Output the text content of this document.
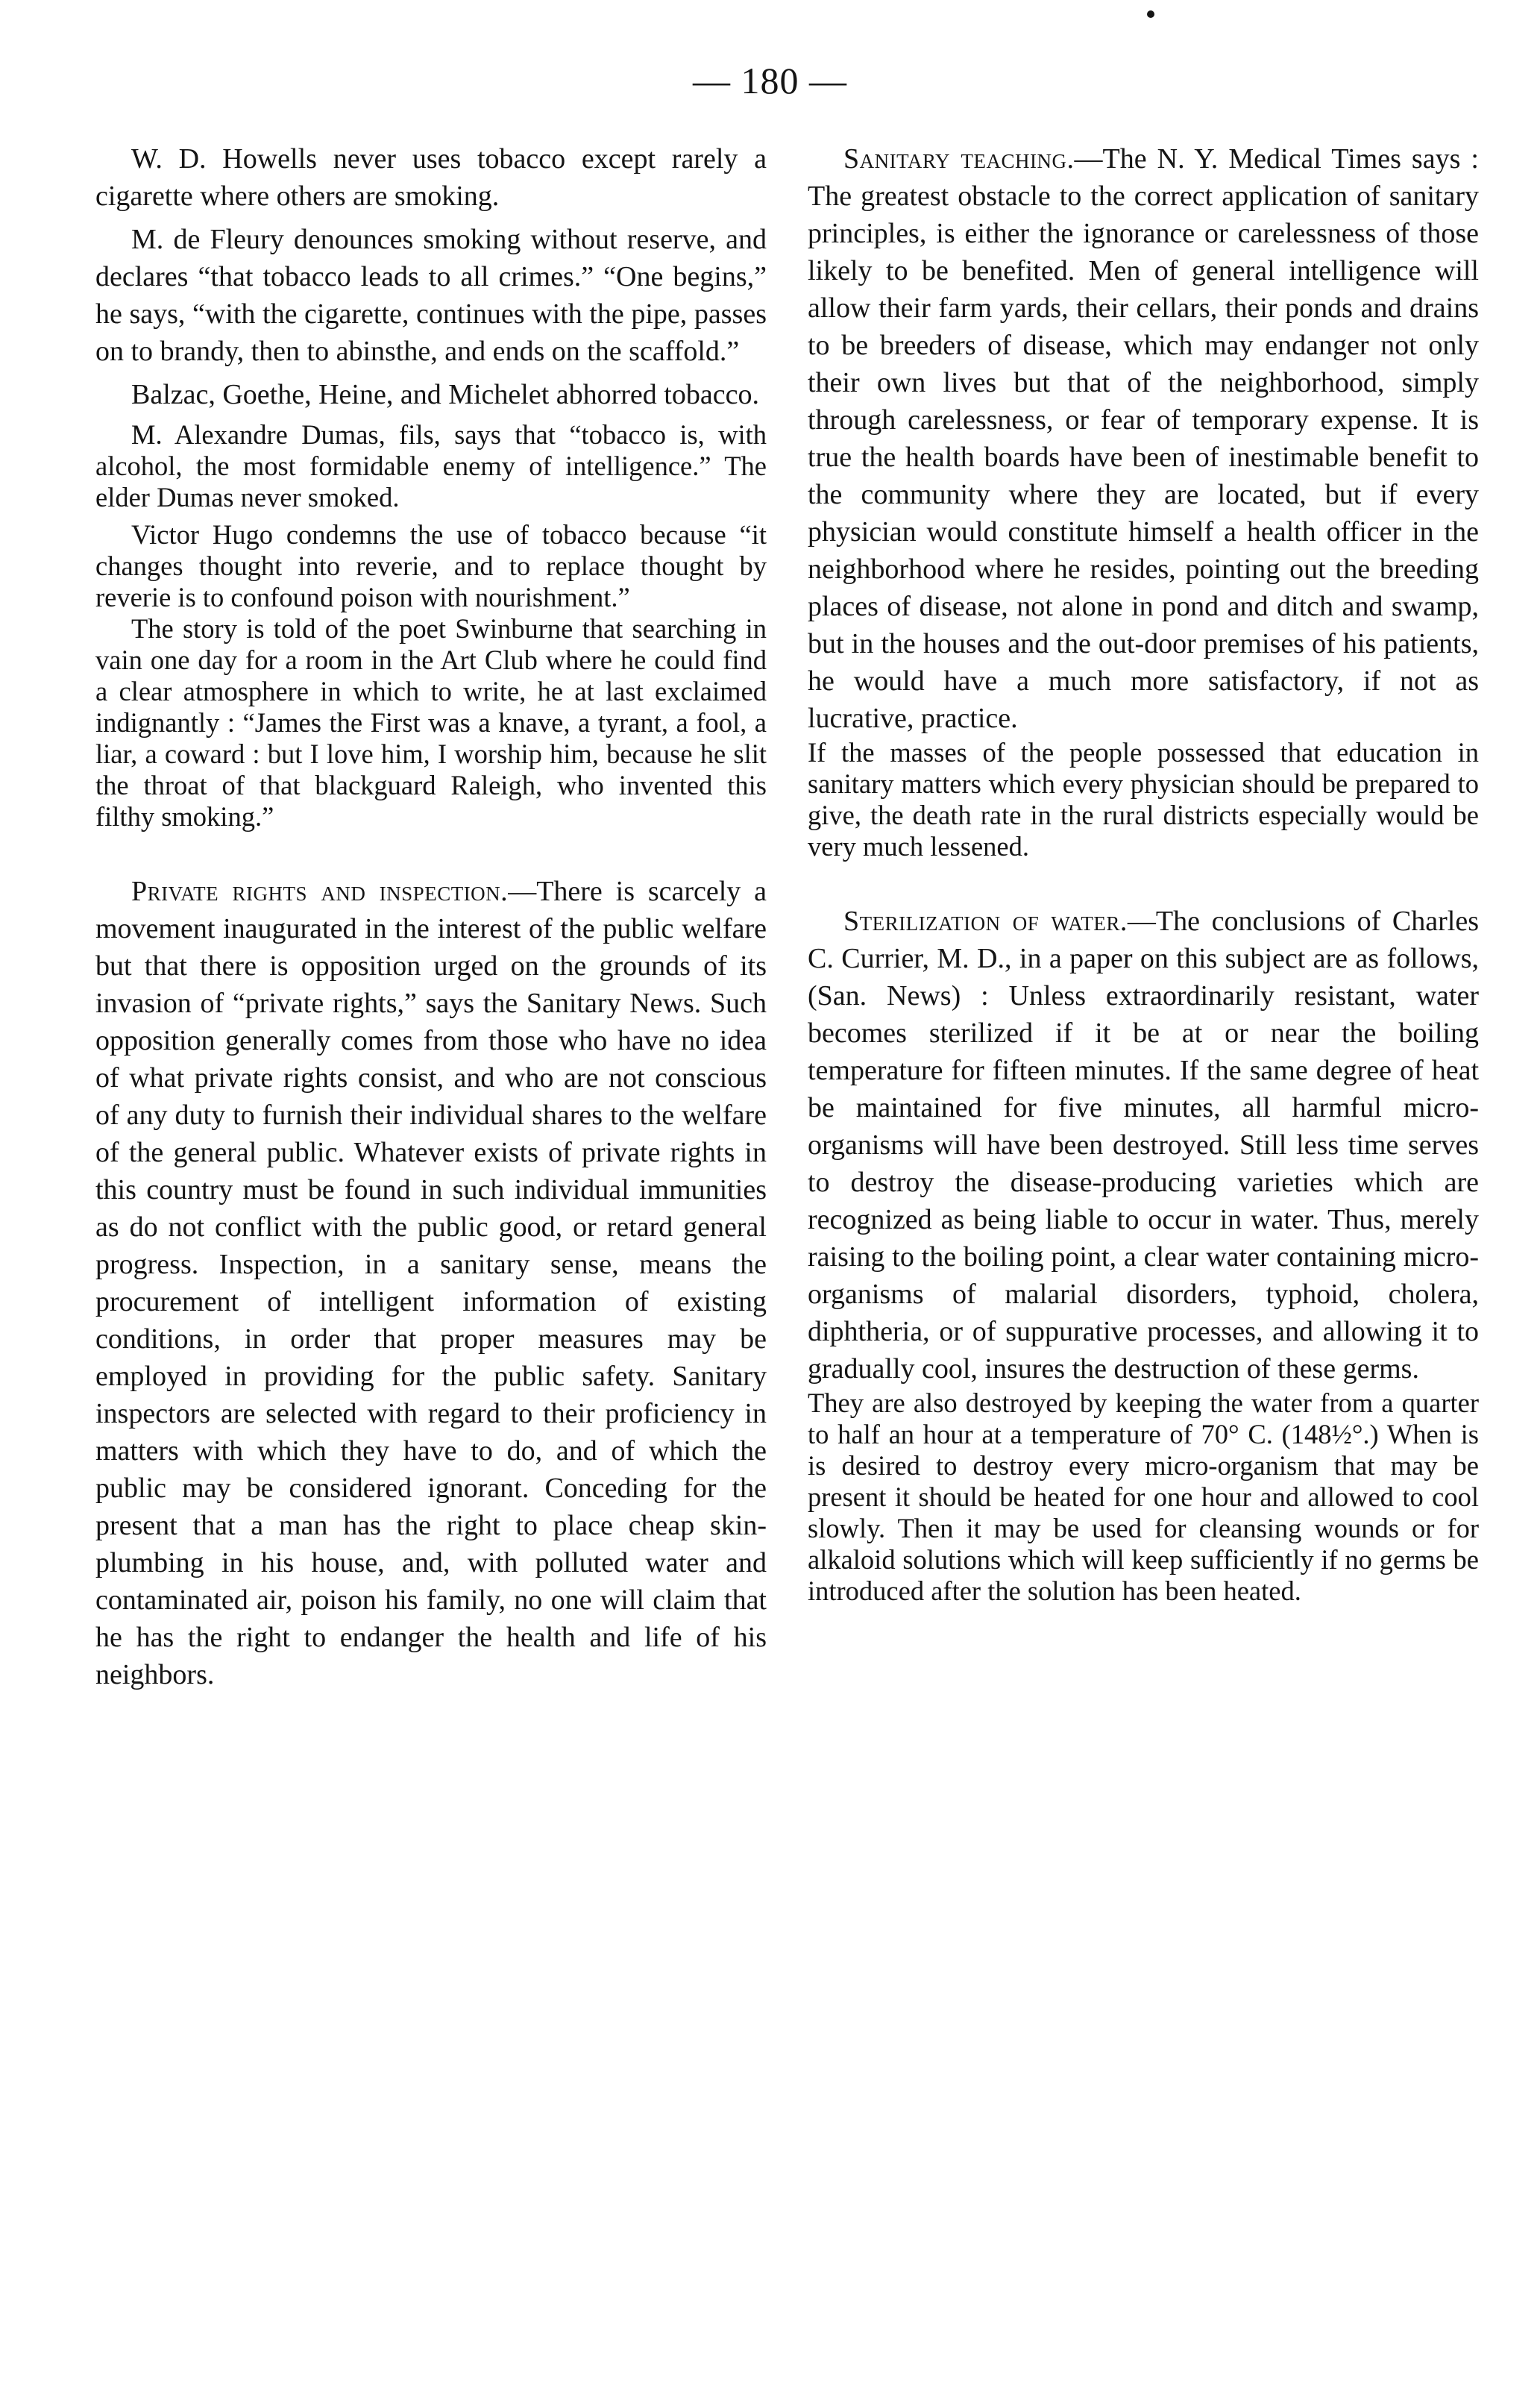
— 180 —

W. D. Howells never uses tobacco except rarely a cigarette where others are smoking.

M. de Fleury denounces smoking without reserve, and declares “that tobacco leads to all crimes.” “One begins,” he says, “with the cigarette, continues with the pipe, passes on to brandy, then to abinsthe, and ends on the scaffold.”

Balzac, Goethe, Heine, and Michelet abhorred tobacco.

M. Alexandre Dumas, fils, says that “tobacco is, with alcohol, the most formidable enemy of intelligence.” The elder Dumas never smoked.

Victor Hugo condemns the use of tobacco because “it changes thought into reverie, and to replace thought by reverie is to confound poison with nourishment.”

The story is told of the poet Swinburne that searching in vain one day for a room in the Art Club where he could find a clear atmosphere in which to write, he at last exclaimed indignantly : “James the First was a knave, a tyrant, a fool, a liar, a coward : but I love him, I worship him, because he slit the throat of that blackguard Raleigh, who invented this filthy smoking.”

Private rights and inspection.—There is scarcely a movement inaugurated in the interest of the public welfare but that there is opposition urged on the grounds of its invasion of “private rights,” says the Sanitary News. Such opposition generally comes from those who have no idea of what private rights consist, and who are not conscious of any duty to furnish their individual shares to the welfare of the general public. Whatever exists of private rights in this country must be found in such individual immunities as do not conflict with the public good, or retard general progress. Inspection, in a sanitary sense, means the procurement of intelligent information of existing conditions, in order that proper measures may be employed in providing for the public safety. Sanitary inspectors are selected with regard to their proficiency in matters with which they have to do, and of which the public may be considered ignorant. Conceding for the present that a man has the right to place cheap skin-plumbing in his house, and, with polluted water and contaminated air, poison his family, no one will claim that he has the right to endanger the health and life of his neighbors.

Sanitary teaching.—The N. Y. Medical Times says : The greatest obstacle to the correct application of sanitary principles, is either the ignorance or carelessness of those likely to be benefited. Men of general intelligence will allow their farm yards, their cellars, their ponds and drains to be breeders of disease, which may endanger not only their own lives but that of the neighborhood, simply through carelessness, or fear of temporary expense. It is true the health boards have been of inestimable benefit to the community where they are located, but if every physician would constitute himself a health officer in the neighborhood where he resides, pointing out the breeding places of disease, not alone in pond and ditch and swamp, but in the houses and the out-door premises of his patients, he would have a much more satisfactory, if not as lucrative, practice.

If the masses of the people possessed that education in sanitary matters which every physician should be prepared to give, the death rate in the rural districts especially would be very much lessened.

Sterilization of water.—The conclusions of Charles C. Currier, M. D., in a paper on this subject are as follows, (San. News) : Unless extraordinarily resistant, water becomes sterilized if it be at or near the boiling temperature for fifteen minutes. If the same degree of heat be maintained for five minutes, all harmful micro-organisms will have been destroyed. Still less time serves to destroy the disease-producing varieties which are recognized as being liable to occur in water. Thus, merely raising to the boiling point, a clear water containing micro-organisms of malarial disorders, typhoid, cholera, diphtheria, or of suppurative processes, and allowing it to gradually cool, insures the destruction of these germs.

They are also destroyed by keeping the water from a quarter to half an hour at a temperature of 70° C. (148½°.) When is is desired to destroy every micro-organism that may be present it should be heated for one hour and allowed to cool slowly. Then it may be used for cleansing wounds or for alkaloid solutions which will keep sufficiently if no germs be introduced after the solution has been heated.
